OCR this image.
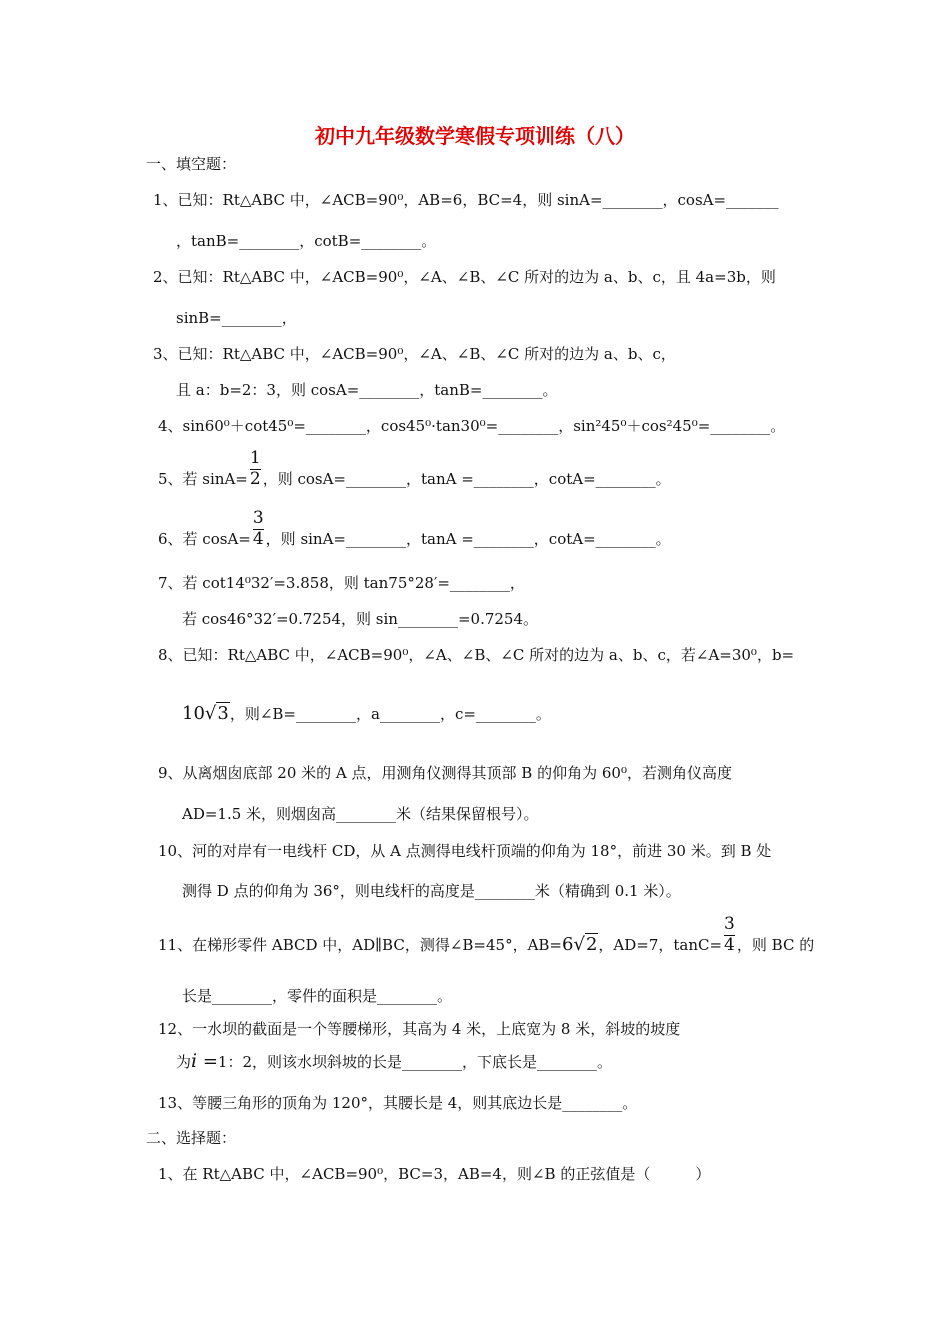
初中九年级数学寒假专项训练（八）
一、填空题：
1、已知：Rt△ABC 中，∠ACB=90⁰，AB=6，BC=4，则 sinA=________，cosA=_______
，tanB=________，cotB=________。
2、已知：Rt△ABC 中，∠ACB=90⁰，∠A、∠B、∠C 所对的边为 a、b、c，且 4a=3b，则
sinB=________，
3、已知：Rt△ABC 中，∠ACB=90⁰，∠A、∠B、∠C 所对的边为 a、b、c，
且 a：b=2：3，则 cosA=________，tanB=________。
4、sin60⁰＋cot45⁰=________，cos45⁰·tan30⁰=________，sin²45⁰＋cos²45⁰=________。
5、若 $\sin A= \frac{1}{2}$ ，则 cosA=________，tanA =________，cotA=________。
6、若 $\cos A= \frac{3}{4}$ ，则 sinA=________，tanA =________，cotA=________。
7、若 cot14⁰32′=3.858，则 tan75°28′=________，
若 cos46°32′=0.7254，则 sin________=0.7254。
8、已知：Rt△ABC 中，∠ACB=90⁰，∠A、∠B、∠C 所对的边为 a、b、c，若∠A=30⁰，b=
10√3，则∠B=________，a________，c=________。
9、从离烟囱底部 20 米的 A 点，用测角仪测得其顶部 B 的仰角为 60⁰，若测角仪高度
AD=1.5 米，则烟囱高________米（结果保留根号）。
10、河的对岸有一电线杆 CD，从 A 点测得电线杆顶端的仰角为 18°，前进 30 米。到 B 处
测得 D 点的仰角为 36°，则电线杆的高度是________米（精确到 0.1 米）。
11、在梯形零件 ABCD 中，AD∥BC，测得∠B=45°，AB=6√2，AD=7，$\tan C= \frac{3}{4}$ ，则 BC 的
长是________，零件的面积是________。
12、一水坝的截面是一个等腰梯形，其高为 4 米，上底宽为 8 米，斜坡的坡度
为i =1：2，则该水坝斜坡的长是________，下底长是________。
13、等腰三角形的顶角为 120°，其腰长是 4，则其底边长是________。
二、选择题：
1、在 Rt△ABC 中，∠ACB=90⁰，BC=3，AB=4，则∠B 的正弦值是（　　　）
